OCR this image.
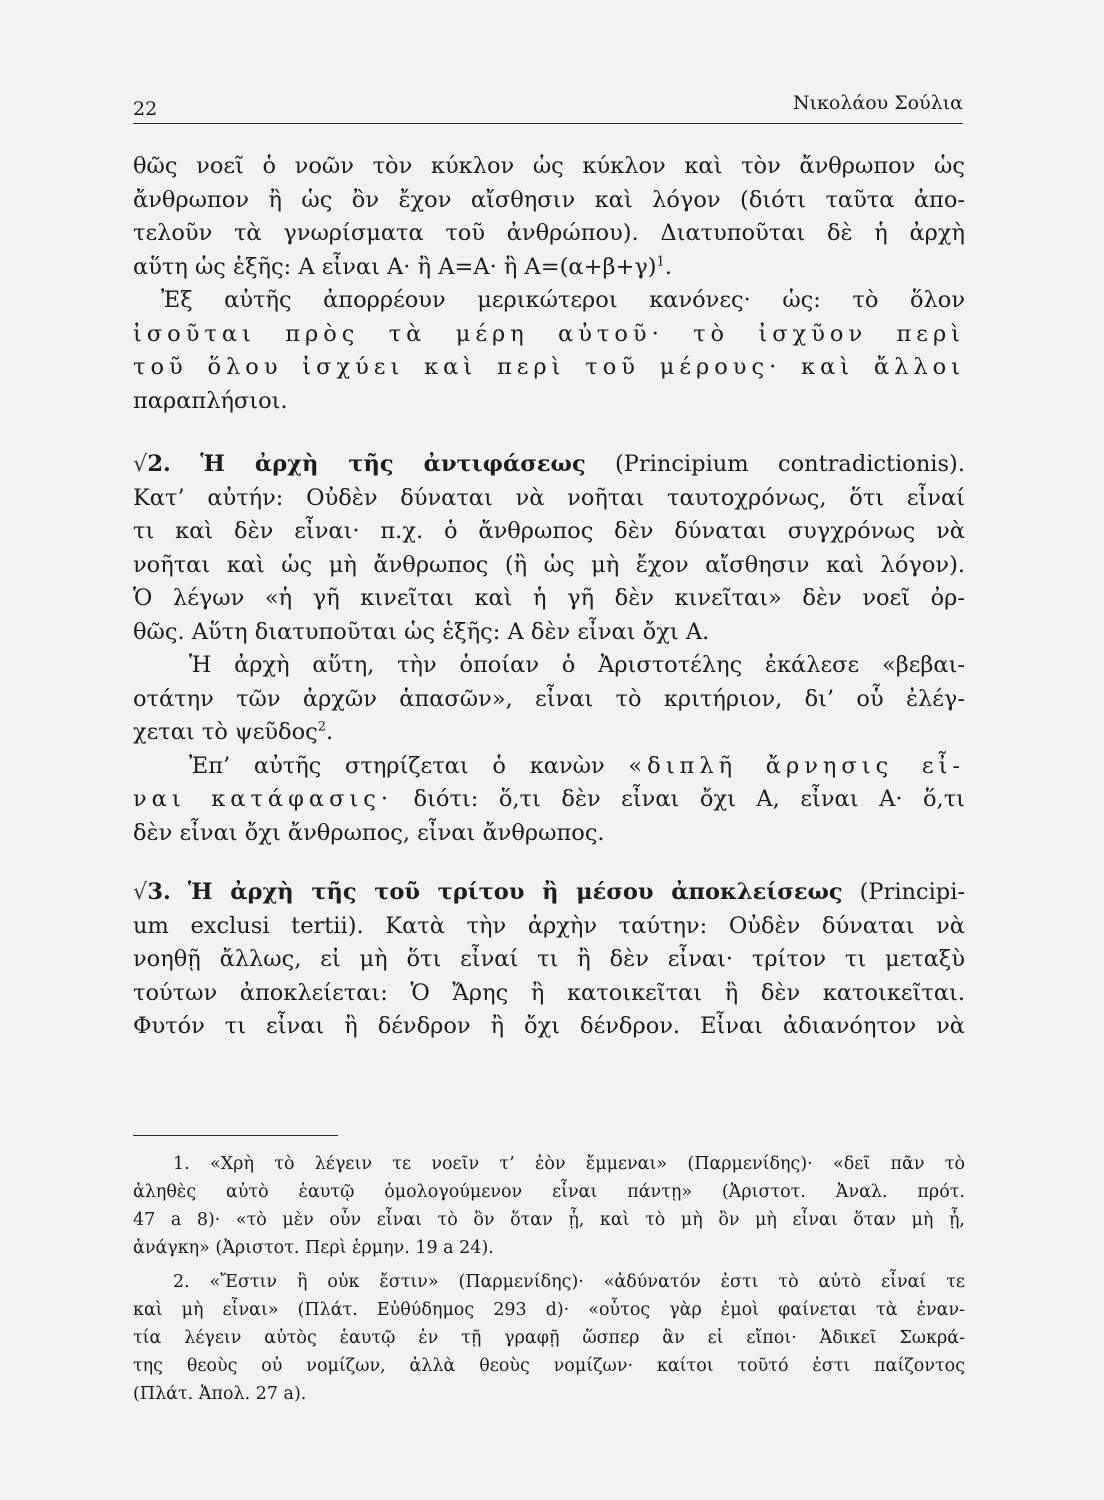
22	Νικολάου Σούλια
θῶς νοεῖ ὁ νοῶν τὸν κύκλον ὡς κύκλον καὶ τὸν ἄνθρωπον ὡς
ἄνθρωπον ἢ ὡς ὂν ἔχον αἴσθησιν καὶ λόγον (διότι ταῦτα ἀπο-
τελοῦν τὰ γνωρίσματα τοῦ ἀνθρώπου). Διατυποῦται δὲ ἡ ἀρχὴ
αὕτη ὡς ἑξῆς: Α εἶναι Α· ἢ Α=Α· ἢ $A=(\alpha+\beta+\gamma)^1$.
Ἐξ αὐτῆς ἀπορρέουν μερικώτεροι κανόνες· ὡς: τὸ ὅλον
ἰσοῦται πρὸς τὰ μέρη αὐτοῦ· τὸ ἰσχῦον περὶ
τοῦ ὅλου ἰσχύει καὶ περὶ τοῦ μέρους· καὶ ἄλλοι
παραπλήσιοι.
√2. Ἡ ἀρχὴ τῆς ἀντιφάσεως (Principium contradictionis).
Κατ’ αὐτήν: Οὐδὲν δύναται νὰ νοῆται ταυτοχρόνως, ὅτι εἶναί
τι καὶ δὲν εἶναι· π.χ. ὁ ἄνθρωπος δὲν δύναται συγχρόνως νὰ
νοῆται καὶ ὡς μὴ ἄνθρωπος (ἢ ὡς μὴ ἔχον αἴσθησιν καὶ λόγον).
Ὁ λέγων «ἡ γῆ κινεῖται καὶ ἡ γῆ δὲν κινεῖται» δὲν νοεῖ ὀρ-
θῶς. Αὕτη διατυποῦται ὡς ἑξῆς: Α δὲν εἶναι ὄχι Α.
Ἡ ἀρχὴ αὕτη, τὴν ὁποίαν ὁ Ἀριστοτέλης ἐκάλεσε «βεβαι-
οτάτην τῶν ἀρχῶν ἁπασῶν», εἶναι τὸ κριτήριον, δι’ οὗ ἐλέγ-
χεται τὸ ψεῦδος$^2$.
Ἐπ’ αὐτῆς στηρίζεται ὁ κανὼν «διπλῆ ἄρνησις εἶ-
ναι κατάφασις· διότι: ὅ,τι δὲν εἶναι ὄχι Α, εἶναι Α· ὅ,τι
δὲν εἶναι ὄχι ἄνθρωπος, εἶναι ἄνθρωπος.
√3. Ἡ ἀρχὴ τῆς τοῦ τρίτου ἢ μέσου ἀποκλείσεως (Principi-
um exclusi tertii). Κατὰ τὴν ἀρχὴν ταύτην: Οὐδὲν δύναται νὰ
νοηθῇ ἄλλως, εἰ μὴ ὅτι εἶναί τι ἢ δὲν εἶναι· τρίτον τι μεταξὺ
τούτων ἀποκλείεται: Ὁ Ἄρης ἢ κατοικεῖται ἢ δὲν κατοικεῖται.
Φυτόν τι εἶναι ἢ δένδρον ἢ ὄχι δένδρον. Εἶναι ἀδιανόητον νὰ
1. «Χρὴ τὸ λέγειν τε νοεῖν τ’ ἐὸν ἔμμεναι» (Παρμενίδης)· «δεῖ πᾶν τὸ
ἀληθὲς αὐτὸ ἑαυτῷ ὁμολογούμενον εἶναι πάντῃ» (Ἀριστοτ. Ἀναλ. πρότ.
47 a 8)· «τὸ μὲν οὖν εἶναι τὸ ὂν ὅταν ᾖ, καὶ τὸ μὴ ὂν μὴ εἶναι ὅταν μὴ ᾖ,
ἀνάγκη» (Ἀριστοτ. Περὶ ἑρμην. 19 a 24).
2. «Ἔστιν ἢ οὐκ ἔστιν» (Παρμενίδης)· «ἀδύνατόν ἐστι τὸ αὐτὸ εἶναί τε
καὶ μὴ εἶναι» (Πλάτ. Εὐθύδημος 293 d)· «οὗτος γὰρ ἐμοὶ φαίνεται τὰ ἐναν-
τία λέγειν αὐτὸς ἑαυτῷ ἐν τῇ γραφῇ ὥσπερ ἂν εἰ εἴποι· Ἀδικεῖ Σωκρά-
της θεοὺς οὐ νομίζων, ἀλλὰ θεοὺς νομίζων· καίτοι τοῦτό ἐστι παίζοντος
(Πλάτ. Ἀπολ. 27 a).
